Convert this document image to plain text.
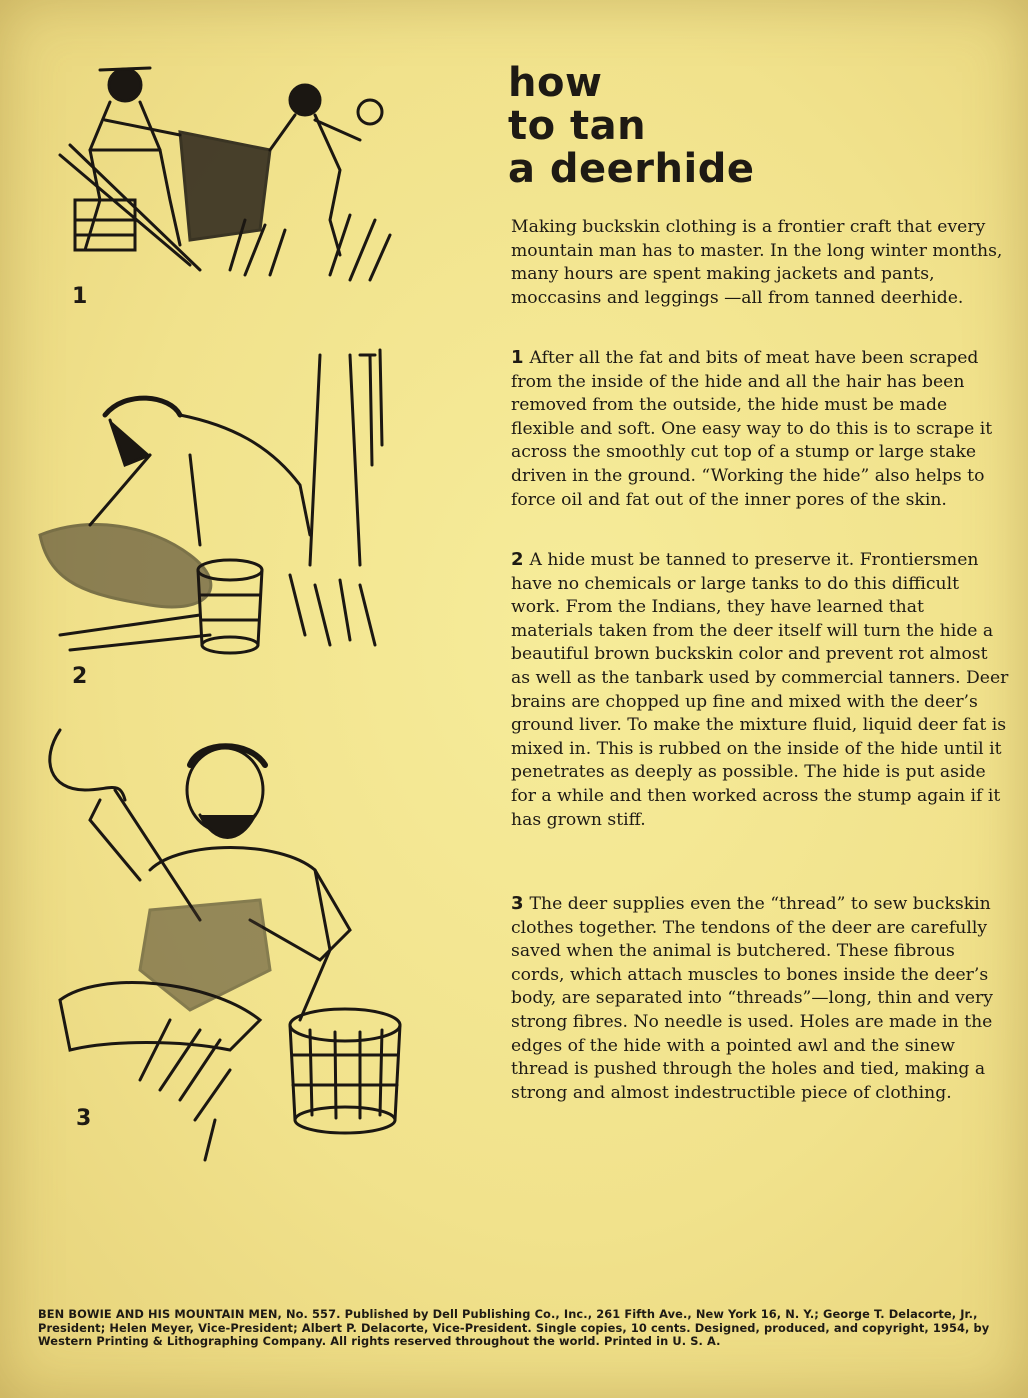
1
2
3
how
to tan
a deerhide

Making buckskin clothing is a frontier craft that every mountain man has to master. In the long winter months, many hours are spent making jackets and pants, moccasins and leggings —all from tanned deerhide.

1 After all the fat and bits of meat have been scraped from the inside of the hide and all the hair has been removed from the outside, the hide must be made flexible and soft. One easy way to do this is to scrape it across the smoothly cut top of a stump or large stake driven in the ground. “Working the hide” also helps to force oil and fat out of the inner pores of the skin.

2 A hide must be tanned to preserve it. Frontiersmen have no chemicals or large tanks to do this difficult work. From the Indians, they have learned that materials taken from the deer itself will turn the hide a beautiful brown buckskin color and prevent rot almost as well as the tanbark used by commercial tanners. Deer brains are chopped up fine and mixed with the deer’s ground liver. To make the mixture fluid, liquid deer fat is mixed in. This is rubbed on the inside of the hide until it penetrates as deeply as possible. The hide is put aside for a while and then worked across the stump again if it has grown stiff.

3 The deer supplies even the “thread” to sew buckskin clothes together. The tendons of the deer are carefully saved when the animal is butchered. These fibrous cords, which attach muscles to bones inside the deer’s body, are separated into “threads”—long, thin and very strong fibres. No needle is used. Holes are made in the edges of the hide with a pointed awl and the sinew thread is pushed through the holes and tied, making a strong and almost indestructible piece of clothing.

BEN BOWIE AND HIS MOUNTAIN MEN, No. 557. Published by Dell Publishing Co., Inc., 261 Fifth Ave., New York 16, N. Y.; George T. Delacorte, Jr., President; Helen Meyer, Vice-President; Albert P. Delacorte, Vice-President. Single copies, 10 cents. Designed, produced, and copyright, 1954, by Western Printing & Lithographing Company. All rights reserved throughout the world. Printed in U. S. A.
